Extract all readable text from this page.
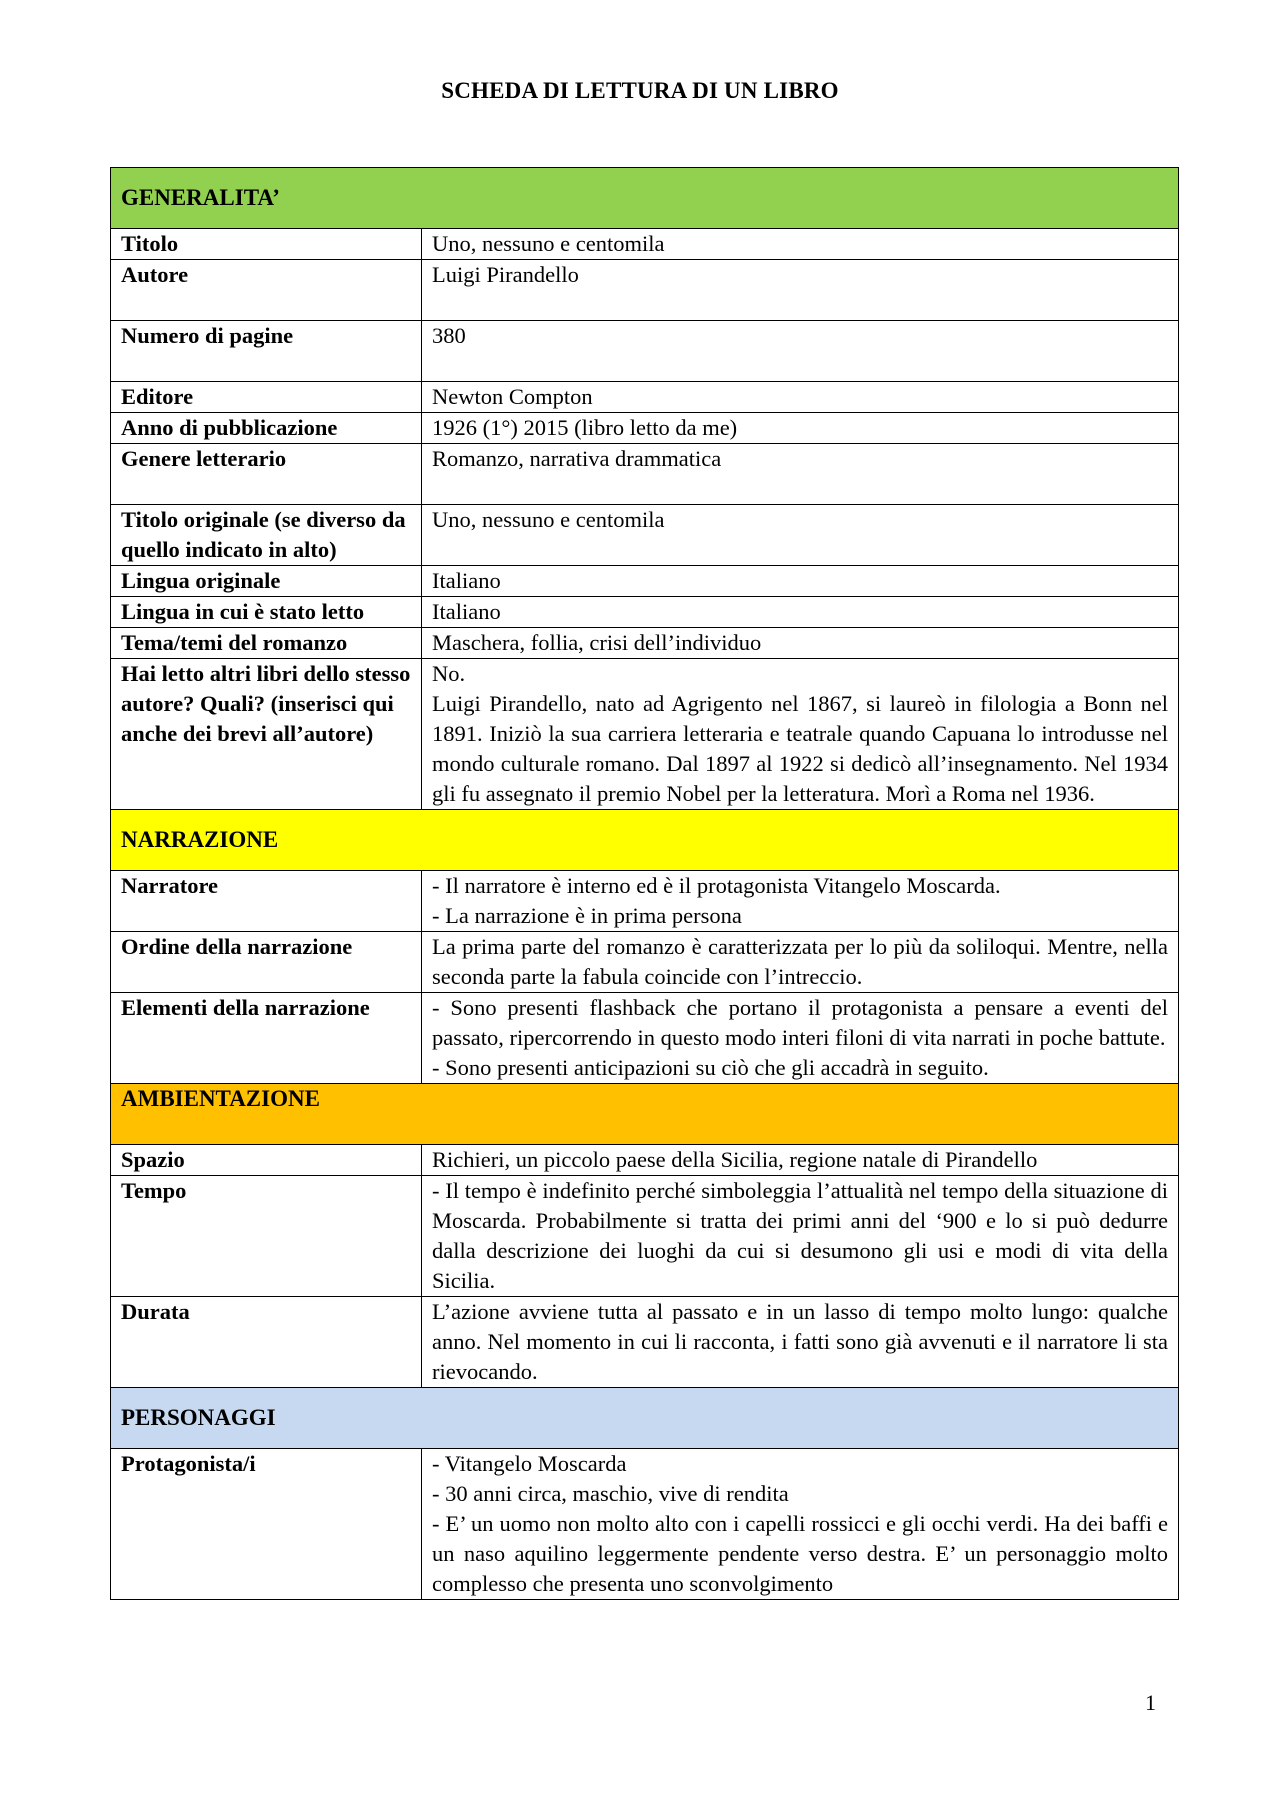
SCHEDA DI LETTURA DI UN LIBRO
GENERALITA’	
Titolo	Uno, nessuno e centomila
Autore	Luigi Pirandello
Numero di pagine	380
Editore	Newton Compton
Anno di pubblicazione	1926 (1°) 2015 (libro letto da me)
Genere letterario	Romanzo, narrativa drammatica
Titolo originale (se diverso da quello indicato in alto)	Uno, nessuno e centomila
Lingua originale	Italiano
Lingua in cui è stato letto	Italiano
Tema/temi del romanzo	Maschera, follia, crisi dell’individuo
Hai letto altri libri dello stesso autore? Quali? (inserisci qui anche dei brevi all’autore)	No.

Luigi Pirandello, nato ad Agrigento nel 1867, si laureò in filologia a Bonn nel 1891. Iniziò la sua carriera letteraria e teatrale quando Capuana lo introdusse nel mondo culturale romano. Dal 1897 al 1922 si dedicò all’insegnamento. Nel 1934 gli fu assegnato il premio Nobel per la letteratura. Morì a Roma nel 1936.

NARRAZIONE	
Narratore	- Il narratore è interno ed è il protagonista Vitangelo Moscarda.

- La narrazione è in prima persona

Ordine della narrazione	La prima parte del romanzo è caratterizzata per lo più da soliloqui. Mentre, nella seconda parte la fabula coincide con l’intreccio.
Elementi della narrazione	- Sono presenti flashback che portano il protagonista a pensare a eventi del passato, ripercorrendo in questo modo interi filoni di vita narrati in poche battute.

- Sono presenti anticipazioni su ciò che gli accadrà in seguito.

AMBIENTAZIONE	
Spazio	Richieri, un piccolo paese della Sicilia, regione natale di Pirandello
Tempo	- Il tempo è indefinito perché simboleggia l’attualità nel tempo della situazione di Moscarda. Probabilmente si tratta dei primi anni del ‘900 e lo si può dedurre dalla descrizione dei luoghi da cui si desumono gli usi e modi di vita della Sicilia.
Durata	L’azione avviene tutta al passato e in un lasso di tempo molto lungo: qualche anno. Nel momento in cui li racconta, i fatti sono già avvenuti e il narratore li sta rievocando.
PERSONAGGI	
Protagonista/i	- Vitangelo Moscarda

- 30 anni circa, maschio, vive di rendita

- E’ un uomo non molto alto con i capelli rossicci e gli occhi verdi. Ha dei baffi e un naso aquilino leggermente pendente verso destra. E’ un personaggio molto complesso che presenta uno sconvolgimento

1
